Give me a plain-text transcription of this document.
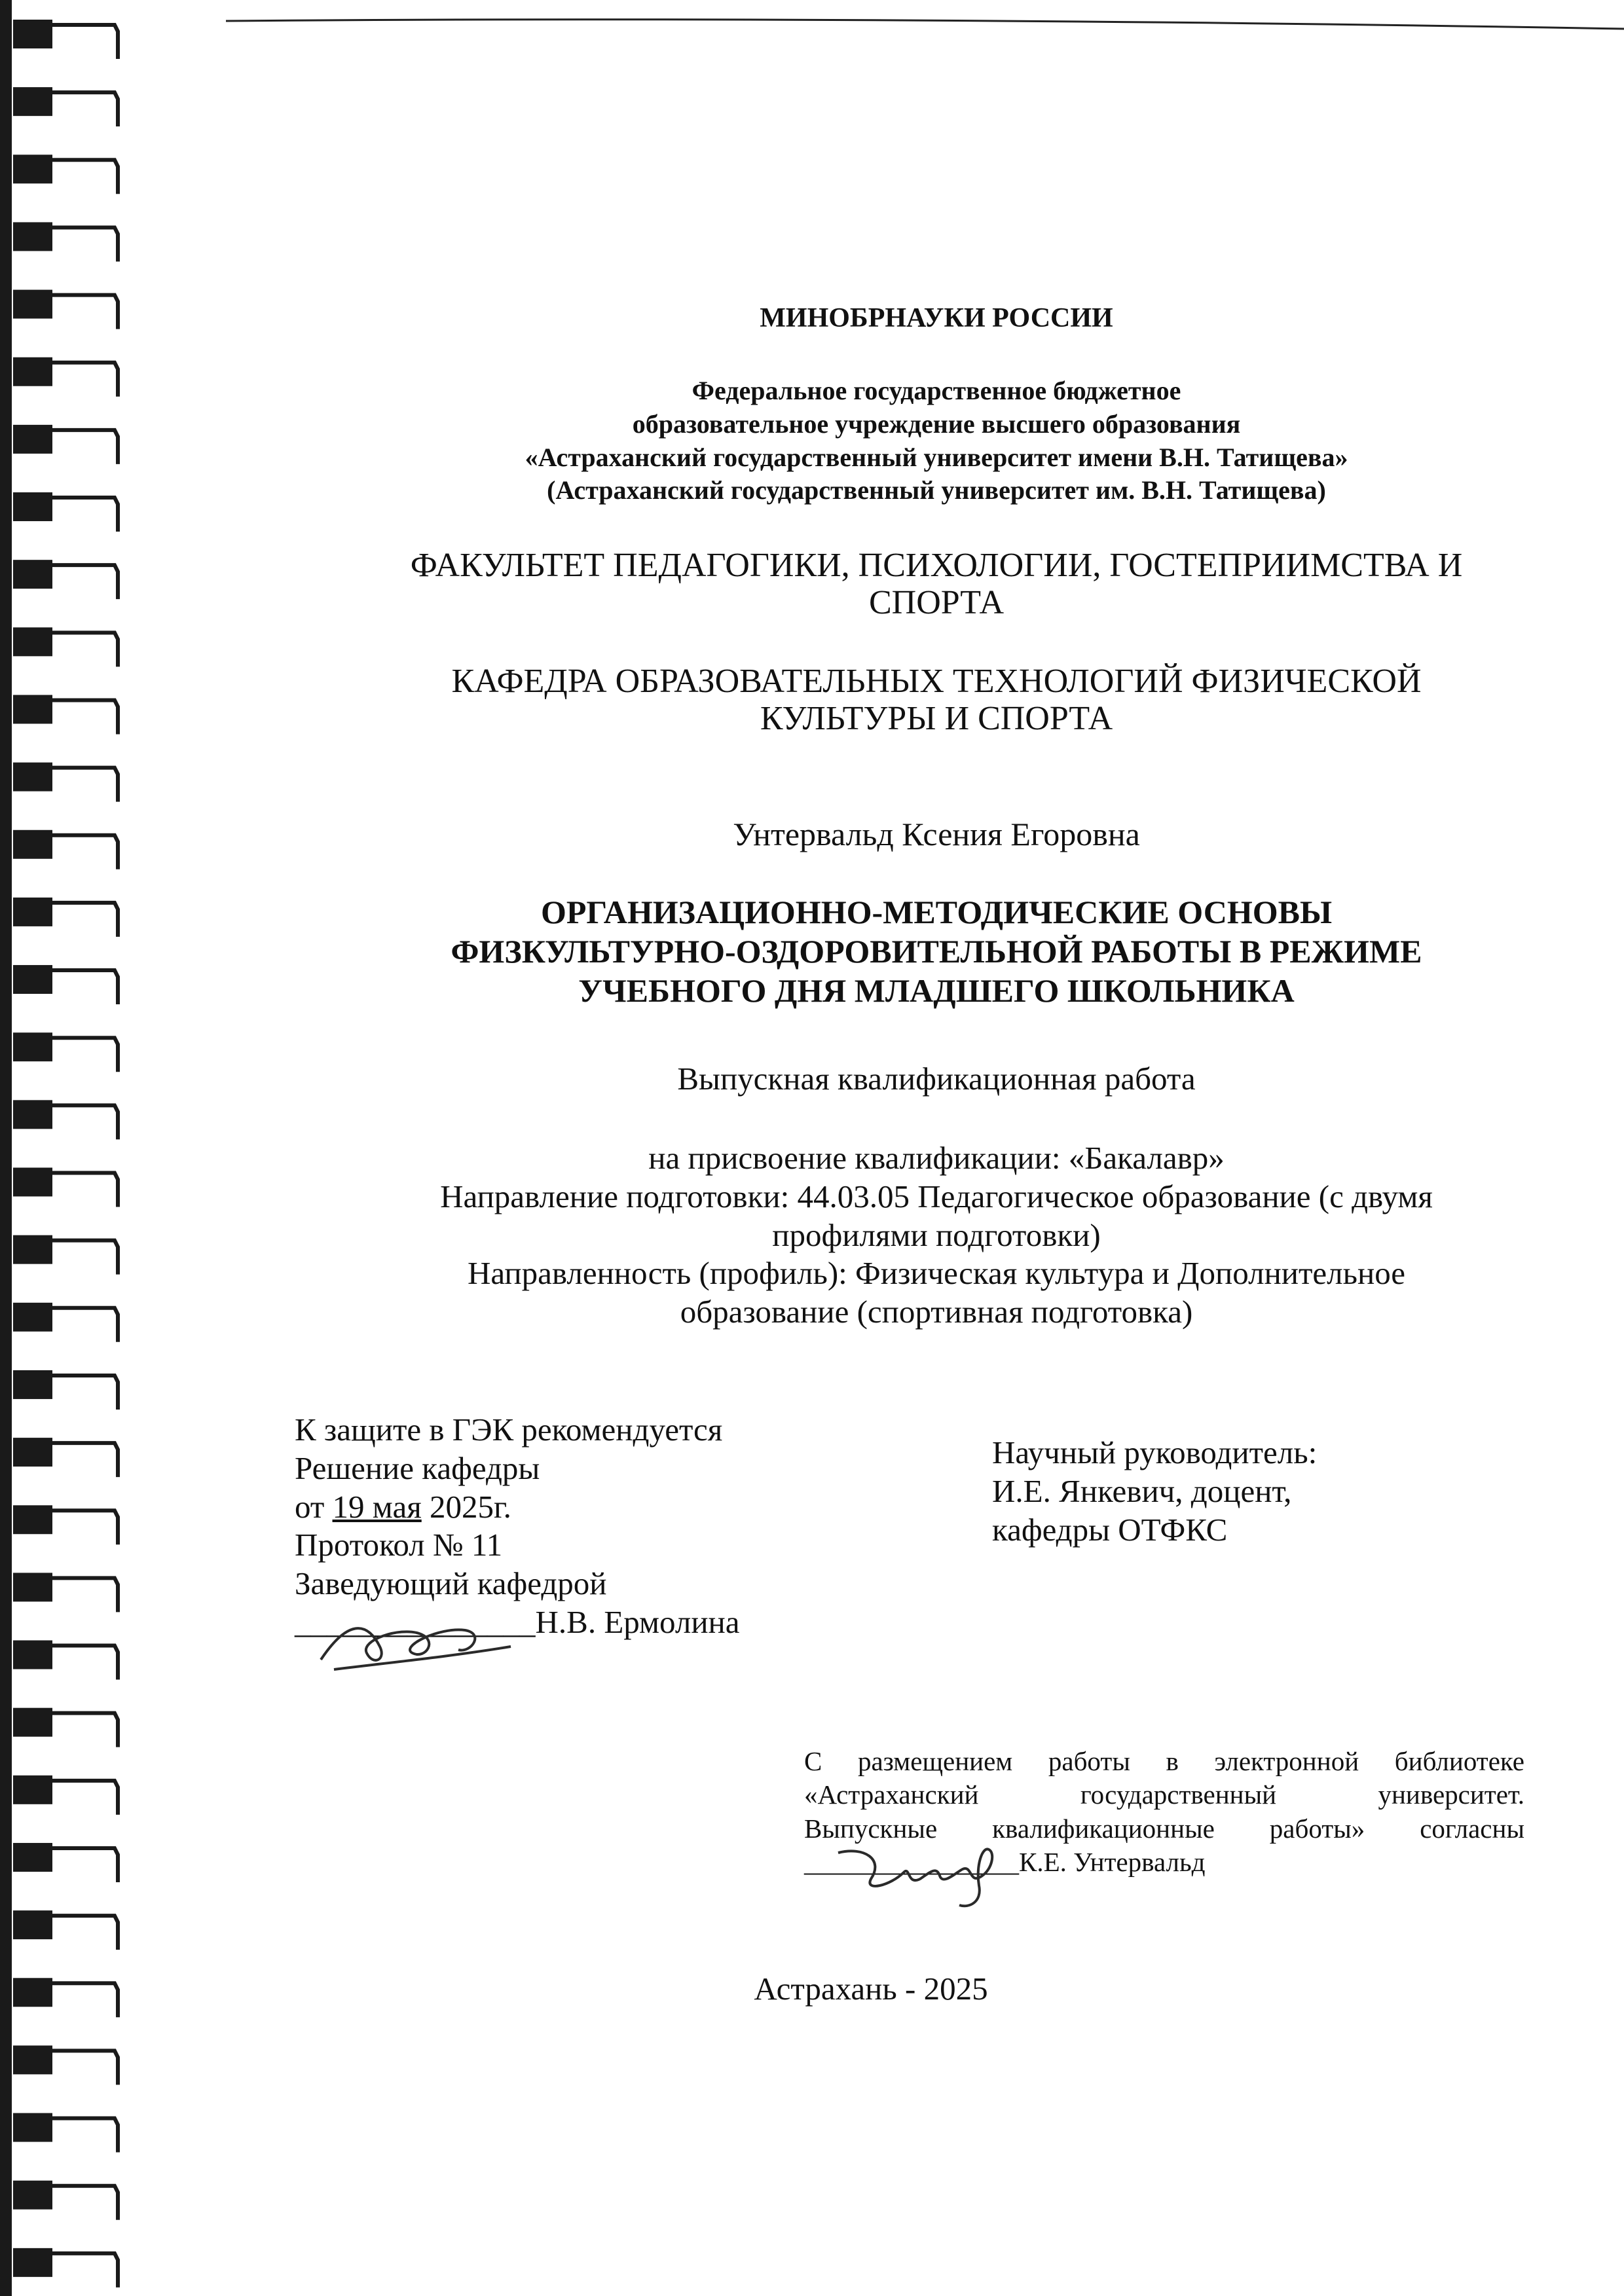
МИНОБРНАУКИ РОССИИ
Федеральное государственное бюджетное
образовательное учреждение высшего образования
«Астраханский государственный университет имени В.Н. Татищева»
(Астраханский государственный университет им. В.Н. Татищева)
ФАКУЛЬТЕТ ПЕДАГОГИКИ, ПСИХОЛОГИИ, ГОСТЕПРИИМСТВА И
СПОРТА
КАФЕДРА ОБРАЗОВАТЕЛЬНЫХ ТЕХНОЛОГИЙ ФИЗИЧЕСКОЙ
КУЛЬТУРЫ И СПОРТА
Унтервальд Ксения Егоровна
ОРГАНИЗАЦИОННО-МЕТОДИЧЕСКИЕ ОСНОВЫ
ФИЗКУЛЬТУРНО-ОЗДОРОВИТЕЛЬНОЙ РАБОТЫ В РЕЖИМЕ
УЧЕБНОГО ДНЯ МЛАДШЕГО ШКОЛЬНИКА
Выпускная квалификационная работа
на присвоение квалификации: «Бакалавр»
Направление подготовки: 44.03.05 Педагогическое образование (с двумя
профилями подготовки)
Направленность (профиль): Физическая культура и Дополнительное
образование (спортивная подготовка)
К защите в ГЭК рекомендуется
Решение кафедры
от 19 мая 2025г.
Протокол № 11
Заведующий кафедрой
_______________Н.В. Ермолина
Научный руководитель:
И.Е. Янкевич, доцент,
кафедры ОТФКС
С размещением работы в электронной библиотеке
«Астраханский государственный университет.
Выпускные квалификационные работы» согласны
________________К.Е. Унтервальд
Астрахань - 2025
